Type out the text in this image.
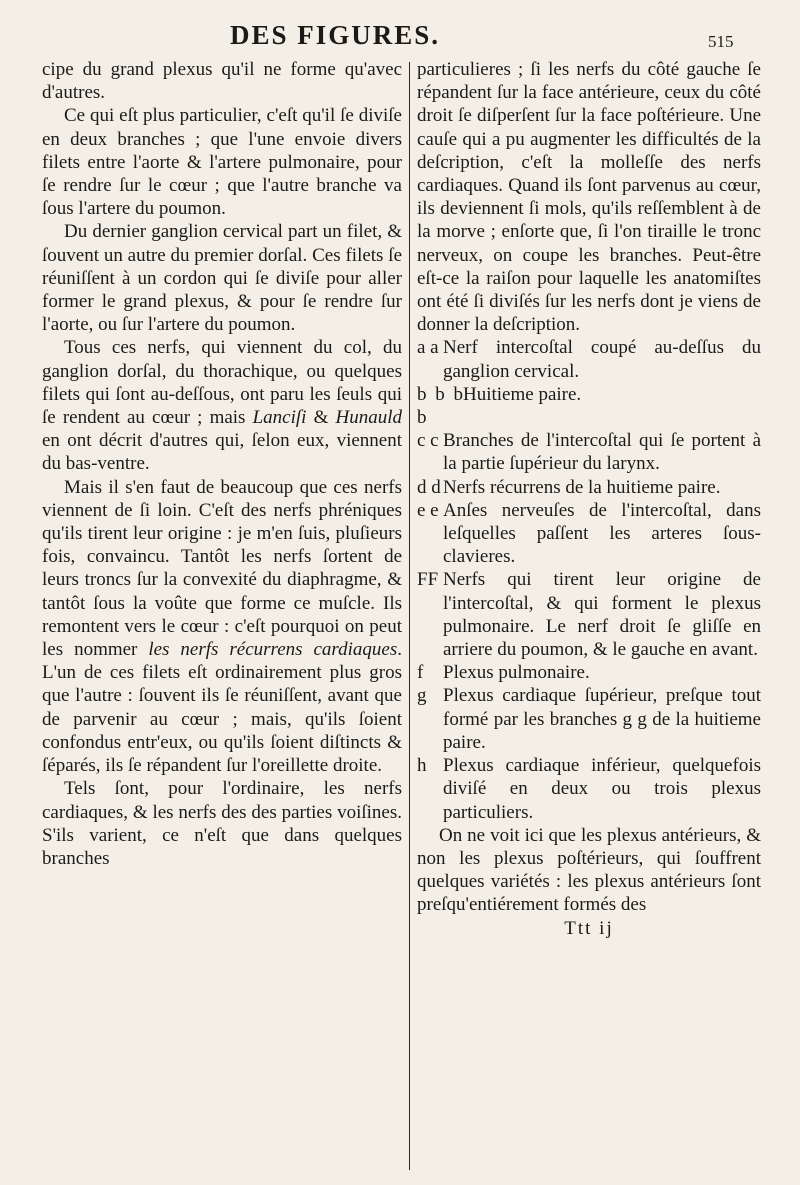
DES FIGURES.	515

cipe du grand plexus qu'il ne forme qu'avec d'autres.

Ce qui eſt plus particulier, c'eſt qu'il ſe diviſe en deux branches ; que l'une envoie divers filets entre l'aorte & l'artere pulmonaire, pour ſe rendre ſur le cœur ; que l'autre branche va ſous l'artere du poumon.

Du dernier ganglion cervical part un filet, & ſouvent un autre du premier dorſal. Ces filets ſe réuniſſent à un cordon qui ſe diviſe pour aller former le grand plexus, & pour ſe rendre ſur l'aorte, ou ſur l'artere du poumon.

Tous ces nerfs, qui viennent du col, du ganglion dorſal, du thorachique, ou quelques filets qui ſont au-deſſous, ont paru les ſeuls qui ſe rendent au cœur ; mais Lanciſi & Hunauld en ont décrit d'autres qui, ſelon eux, viennent du bas-ventre.

Mais il s'en faut de beaucoup que ces nerfs viennent de ſi loin. C'eſt des nerfs phréniques qu'ils tirent leur origine : je m'en ſuis, pluſieurs fois, convaincu. Tantôt les nerfs ſortent de leurs troncs ſur la convexité du diaphragme, & tantôt ſous la voûte que forme ce muſcle. Ils remontent vers le cœur : c'eſt pourquoi on peut les nommer les nerfs récurrens cardiaques. L'un de ces filets eſt ordinairement plus gros que l'autre : ſouvent ils ſe réuniſſent, avant que de parvenir au cœur ; mais, qu'ils ſoient confondus entr'eux, ou qu'ils ſoient diſtincts & ſéparés, ils ſe répandent ſur l'oreillette droite.

Tels ſont, pour l'ordinaire, les nerfs cardiaques, & les nerfs des des parties voiſines. S'ils varient, ce n'eſt que dans quelques branches

particulieres ; ſi les nerfs du côté gauche ſe répandent ſur la face antérieure, ceux du côté droit ſe diſperſent ſur la face poſtérieure. Une cauſe qui a pu augmenter les difficultés de la deſcription, c'eſt la molleſſe des nerfs cardiaques. Quand ils ſont parvenus au cœur, ils deviennent ſi mols, qu'ils reſſemblent à de la morve ; enſorte que, ſi l'on tiraille le tronc nerveux, on coupe les branches. Peut-être eſt-ce la raiſon pour laquelle les anatomiſtes ont été ſi diviſés ſur les nerfs dont je viens de donner la deſcription.

a a Nerf intercoſtal coupé au-deſſus du ganglion cervical.
b b b b
Huitieme paire.
c c Branches de l'intercoſtal qui ſe portent à la partie ſupérieur du larynx.
d d Nerfs récurrens de la huitieme paire.
e e Anſes nerveuſes de l'intercoſtal, dans leſquelles paſſent les arteres ſous-clavieres.
FF Nerfs qui tirent leur origine de l'intercoſtal, & qui forment le plexus pulmonaire. Le nerf droit ſe gliſſe en arriere du poumon, & le gauche en avant.
f	Plexus pulmonaire.
g Plexus cardiaque ſupérieur, preſque tout formé par les branches g g de la huitieme paire.
h Plexus cardiaque inférieur, quelquefois diviſé en deux ou trois plexus particuliers.

On ne voit ici que les plexus antérieurs, & non les plexus poſtérieurs, qui ſouffrent quelques variétés : les plexus antérieurs ſont preſqu'entiérement formés des

Ttt ij
